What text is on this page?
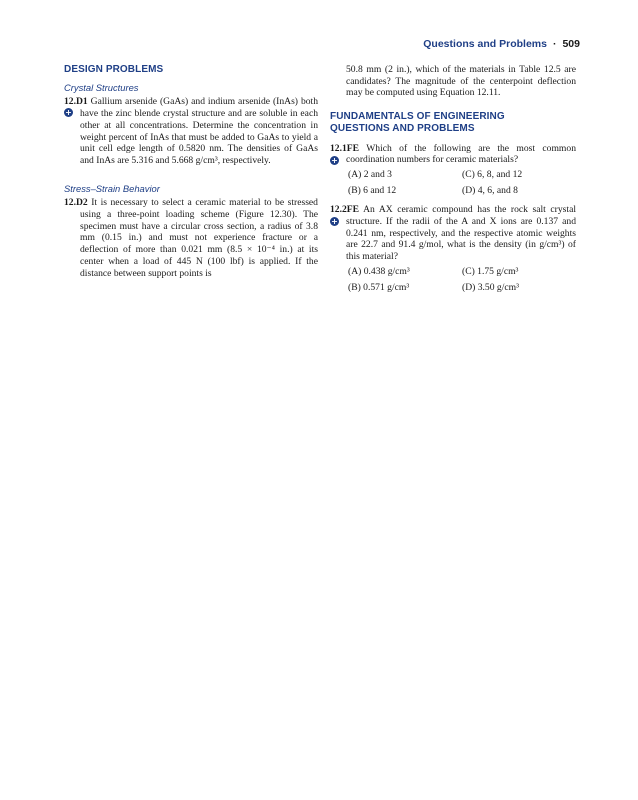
Questions and Problems · 509

DESIGN PROBLEMS

Crystal Structures

+
12.D1 Gallium arsenide (GaAs) and indium arsenide (InAs) both have the zinc blende crystal structure and are soluble in each other at all concentrations. Determine the concentration in weight percent of InAs that must be added to GaAs to yield a unit cell edge length of 0.5820 nm. The densities of GaAs and InAs are 5.316 and 5.668 g/cm³, respectively.

Stress–Strain Behavior

12.D2 It is necessary to select a ceramic material to be stressed using a three-point loading scheme (Figure 12.30). The specimen must have a circular cross section, a radius of 3.8 mm (0.15 in.) and must not experience fracture or a deflection of more than 0.021 mm (8.5 × 10⁻⁴ in.) at its center when a load of 445 N (100 lbf) is applied. If the distance between support points is

50.8 mm (2 in.), which of the materials in Table 12.5 are candidates? The magnitude of the centerpoint deflection may be computed using Equation 12.11.

FUNDAMENTALS OF ENGINEERING

QUESTIONS AND PROBLEMS

+
12.1FE Which of the following are the most common coordination numbers for ceramic materials?
(A) 2 and 3	(C) 6, 8, and 12
(B) 6 and 12	(D) 4, 6, and 8
+
12.2FE An AX ceramic compound has the rock salt crystal structure. If the radii of the A and X ions are 0.137 and 0.241 nm, respectively, and the respective atomic weights are 22.7 and 91.4 g/mol, what is the density (in g/cm³) of this material?
(A) 0.438 g/cm³	(C) 1.75 g/cm³
(B) 0.571 g/cm³	(D) 3.50 g/cm³
